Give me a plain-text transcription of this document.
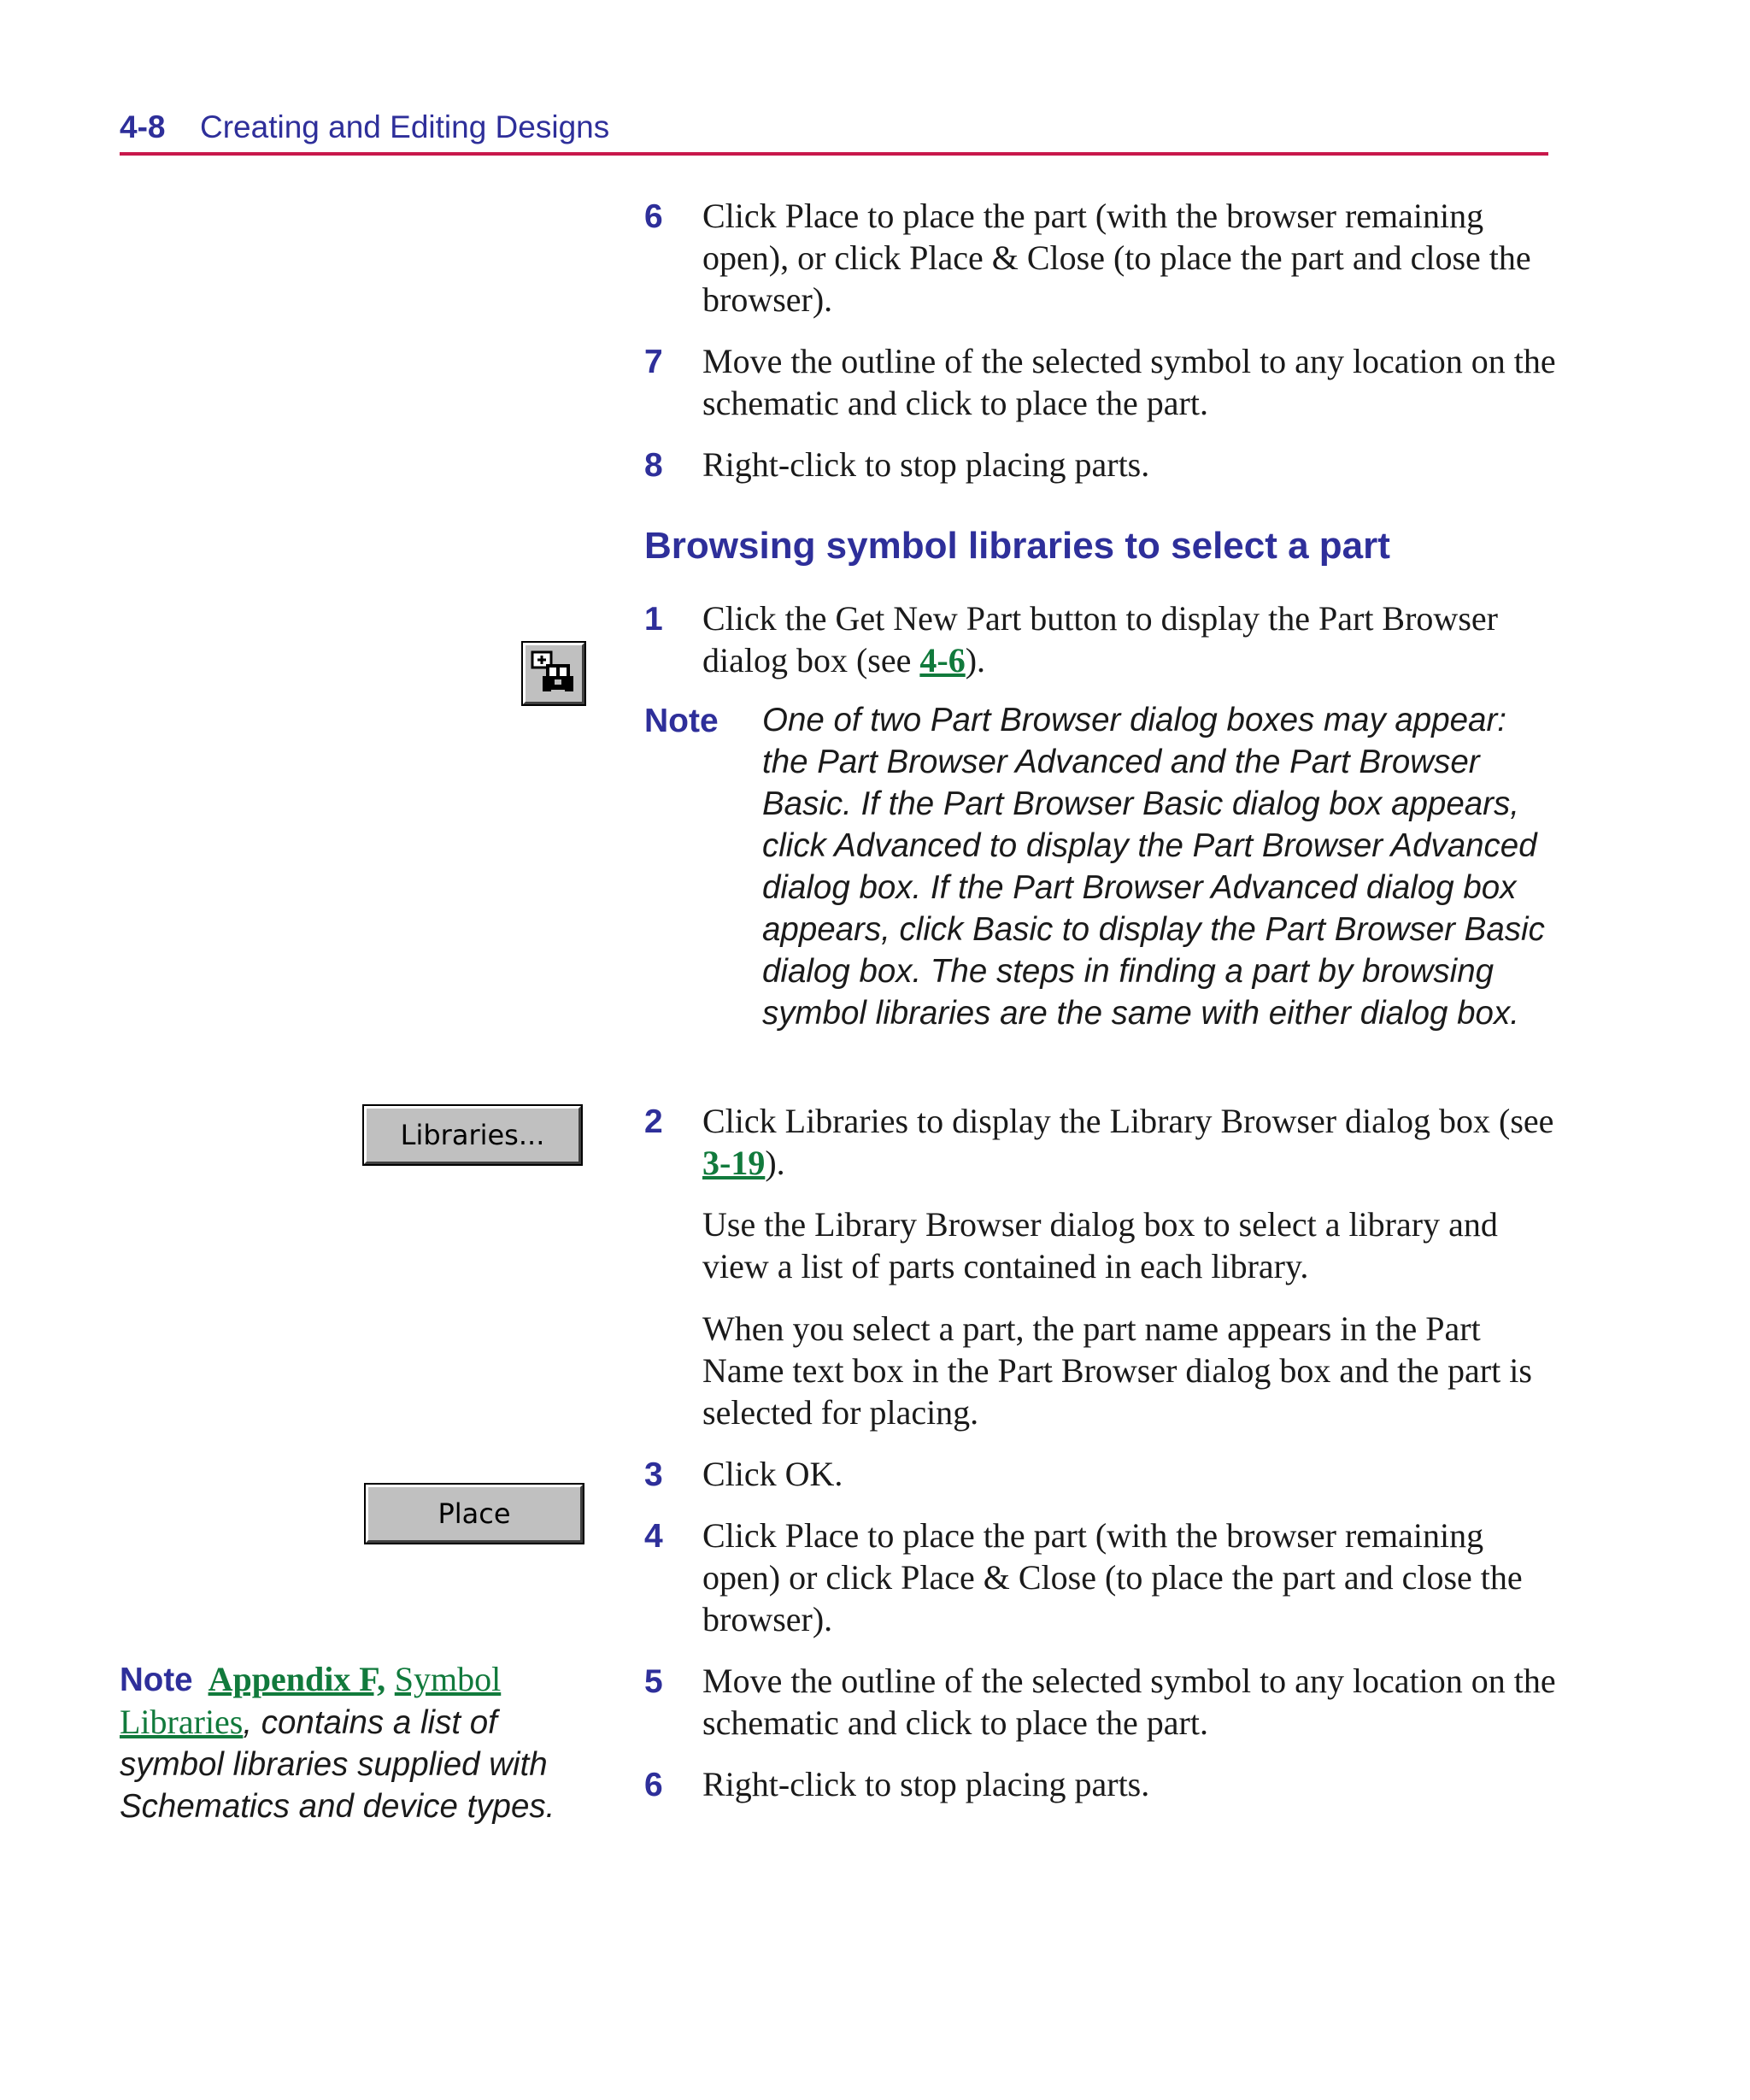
4-8 Creating and Editing Designs
6 Click Place to place the part (with the browser remaining open), or click Place & Close (to place the part and close the browser).
7 Move the outline of the selected symbol to any location on the schematic and click to place the part.
8 Right-click to stop placing parts.
Browsing symbol libraries to select a part
1 Click the Get New Part button to display the Part Browser dialog box (see 4-6).
Note One of two Part Browser dialog boxes may appear: the Part Browser Advanced and the Part Browser Basic. If the Part Browser Basic dialog box appears, click Advanced to display the Part Browser Advanced dialog box. If the Part Browser Advanced dialog box appears, click Basic to display the Part Browser Basic dialog box. The steps in finding a part by browsing symbol libraries are the same with either dialog box.
Libraries...	2 Click Libraries to display the Library Browser dialog box (see 3-19).
Use the Library Browser dialog box to select a library and view a list of parts contained in each library.
When you select a part, the part name appears in the Part Name text box in the Part Browser dialog box and the part is selected for placing.
Place
3 Click OK.
4 Click Place to place the part (with the browser remaining open) or click Place & Close (to place the part and close the browser).
5 Move the outline of the selected symbol to any location on the schematic and click to place the part.
6 Right-click to stop placing parts.
Note Appendix F, Symbol Libraries, contains a list of symbol libraries supplied with Schematics and device types.
